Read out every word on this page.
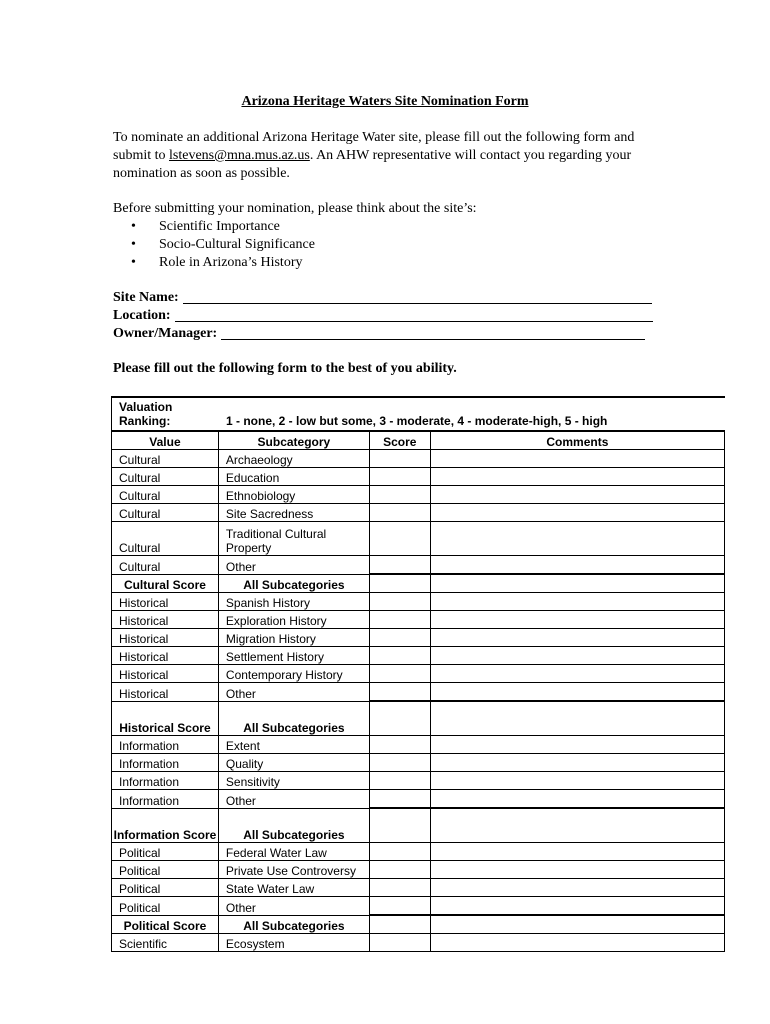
Arizona Heritage Waters Site Nomination Form
To nominate an additional Arizona Heritage Water site, please fill out the following form and submit to lstevens@mna.mus.az.us. An AHW representative will contact you regarding your nomination as soon as possible.
Before submitting your nomination, please think about the site’s:
• Scientific Importance
• Socio-Cultural Significance
• Role in Arizona’s History
Site Name:
Location:
Owner/Manager:
Please fill out the following form to the best of you ability.
Valuation Ranking:	1 - none, 2 - low but some, 3 - moderate, 4 - moderate-high, 5 - high
Value	Subcategory	Score	Comments
Cultural	Archaeology		
Cultural	Education		
Cultural	Ethnobiology		
Cultural	Site Sacredness		
Cultural	Traditional Cultural Property		
Cultural	Other		
Cultural Score	All Subcategories		
Historical	Spanish History		
Historical	Exploration History		
Historical	Migration History		
Historical	Settlement History		
Historical	Contemporary History		
Historical	Other		
Historical Score	All Subcategories		
Information	Extent		
Information	Quality		
Information	Sensitivity		
Information	Other		
Information Score	All Subcategories		
Political	Federal Water Law		
Political	Private Use Controversy		
Political	State Water Law		
Political	Other		
Political Score	All Subcategories		
Scientific	Ecosystem		
